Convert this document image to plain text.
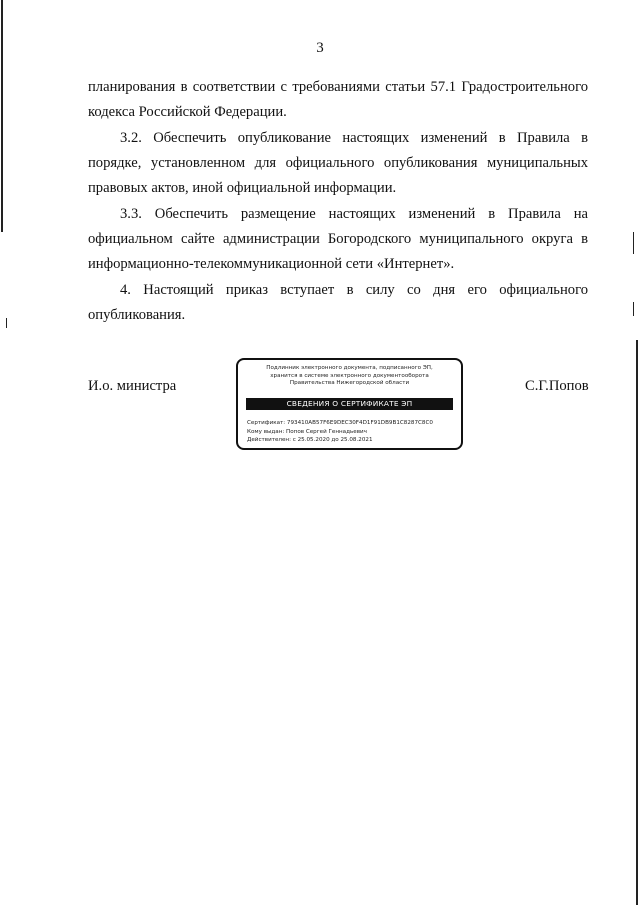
3

планирования в соответствии с требованиями статьи 57.1 Градостроительного кодекса Российской Федерации.

3.2. Обеспечить опубликование настоящих изменений в Правила в порядке, установленном для официального опубликования муниципальных правовых актов, иной официальной информации.

3.3. Обеспечить размещение настоящих изменений в Правила на официальном сайте администрации Богородского муниципального округа в информационно-телекоммуникационной сети «Интернет».

4. Настоящий приказ вступает в силу со дня его официального опубликования.

И.о. министра
Подлинник электронного документа, подписанного ЭП,
хранится в системе электронного документооборота
Правительства Нижегородской области
СВЕДЕНИЯ О СЕРТИФИКАТЕ ЭП
Сертификат: 793410AB57F6E9DEC30F4D1F91DB9B1C8287C8C0
Кому выдан: Попов Сергей Геннадьевич
Действителен: с 25.05.2020 до 25.08.2021
С.Г.Попов
